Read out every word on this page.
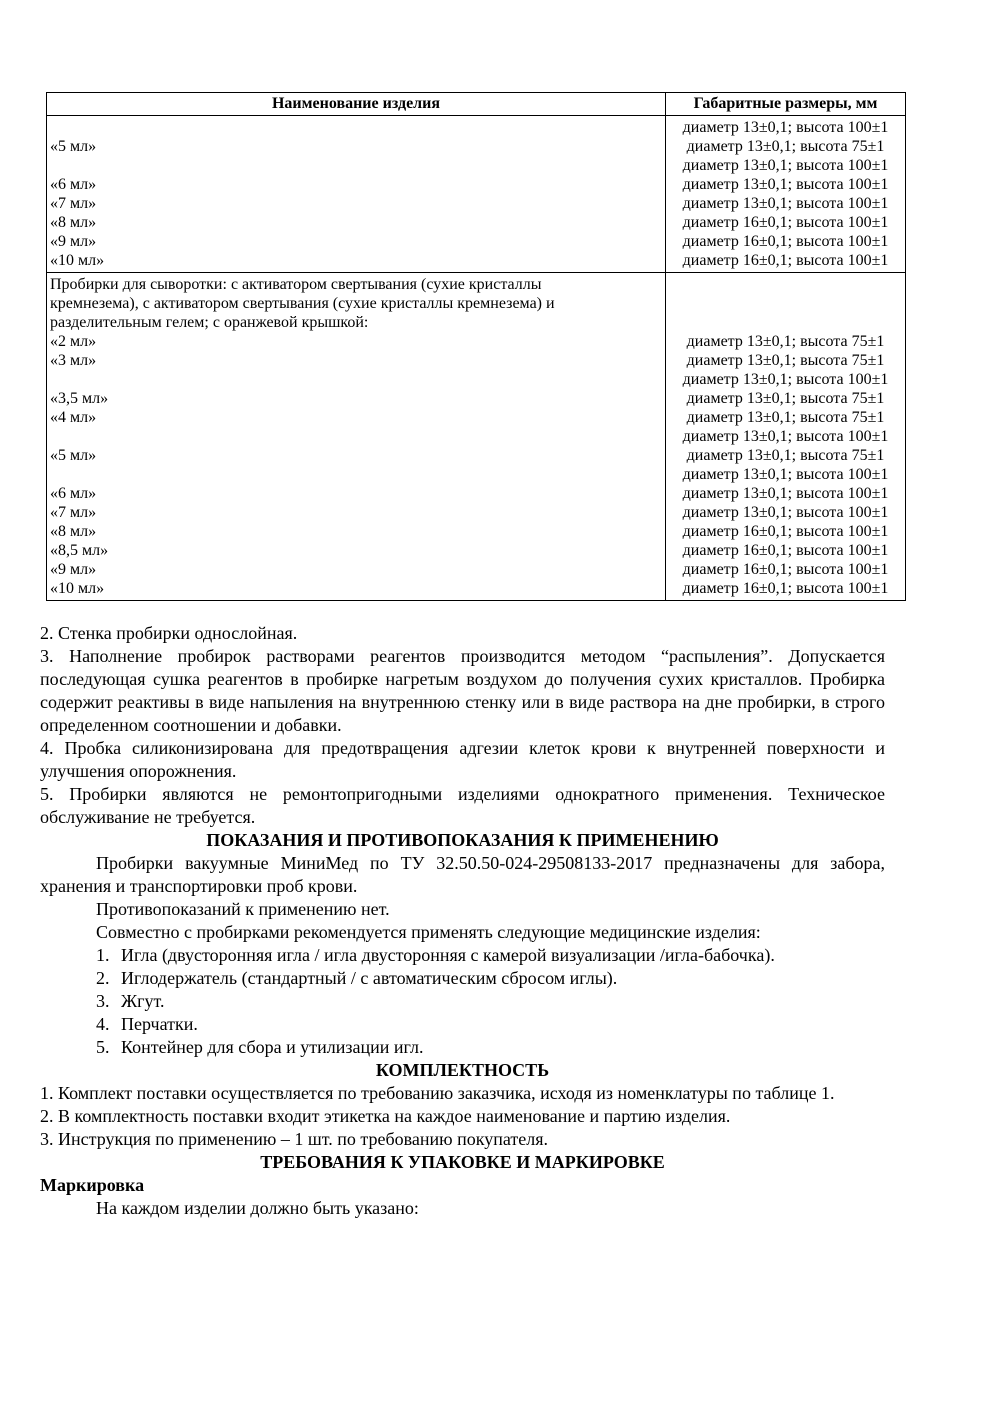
Наименование изделия	Габаритные размеры, мм
«5 мл»
«6 мл»
«7 мл»
«8 мл»
«9 мл»
«10 мл»
диаметр 13±0,1; высота 100±1
диаметр 13±0,1; высота 75±1
диаметр 13±0,1; высота 100±1
диаметр 13±0,1; высота 100±1
диаметр 13±0,1; высота 100±1
диаметр 16±0,1; высота 100±1
диаметр 16±0,1; высота 100±1
диаметр 16±0,1; высота 100±1
Пробирки для сыворотки: с активатором свертывания (сухие кристаллы
кремнезема), с активатором свертывания (сухие кристаллы кремнезема) и
разделительным гелем; с оранжевой крышкой:
«2 мл»
«3 мл»
«3,5 мл»
«4 мл»
«5 мл»
«6 мл»
«7 мл»
«8 мл»
«8,5 мл»
«9 мл»
«10 мл»
диаметр 13±0,1; высота 75±1
диаметр 13±0,1; высота 75±1
диаметр 13±0,1; высота 100±1
диаметр 13±0,1; высота 75±1
диаметр 13±0,1; высота 75±1
диаметр 13±0,1; высота 100±1
диаметр 13±0,1; высота 75±1
диаметр 13±0,1; высота 100±1
диаметр 13±0,1; высота 100±1
диаметр 13±0,1; высота 100±1
диаметр 16±0,1; высота 100±1
диаметр 16±0,1; высота 100±1
диаметр 16±0,1; высота 100±1
диаметр 16±0,1; высота 100±1

2. Стенка пробирки однослойная.

3. Наполнение пробирок растворами реагентов производится методом “распыления”. Допускается последующая сушка реагентов в пробирке нагретым воздухом до получения сухих кристаллов. Пробирка содержит реактивы в виде напыления на внутреннюю стенку или в виде раствора на дне пробирки, в строго определенном соотношении и добавки.

4. Пробка силиконизирована для предотвращения адгезии клеток крови к внутренней поверхности и улучшения опорожнения.

5. Пробирки являются не ремонтопригодными изделиями однократного применения. Техническое обслуживание не требуется.

ПОКАЗАНИЯ И ПРОТИВОПОКАЗАНИЯ К ПРИМЕНЕНИЮ

Пробирки вакуумные МиниМед по ТУ 32.50.50-024-29508133-2017 предназначены для забора, хранения и транспортировки проб крови.

Противопоказаний к применению нет.

Совместно с пробирками рекомендуется применять следующие медицинские изделия:

1. Игла (двусторонняя игла / игла двусторонняя с камерой визуализации /игла-бабочка).
2. Иглодержатель (стандартный / с автоматическим сбросом иглы).
3. Жгут.
4. Перчатки.
5. Контейнер для сбора и утилизации игл.

КОМПЛЕКТНОСТЬ

1. Комплект поставки осуществляется по требованию заказчика, исходя из номенклатуры по таблице 1.

2. В комплектность поставки входит этикетка на каждое наименование и партию изделия.

3. Инструкция по применению – 1 шт. по требованию покупателя.

ТРЕБОВАНИЯ К УПАКОВКЕ И МАРКИРОВКЕ

Маркировка

На каждом изделии должно быть указано:
